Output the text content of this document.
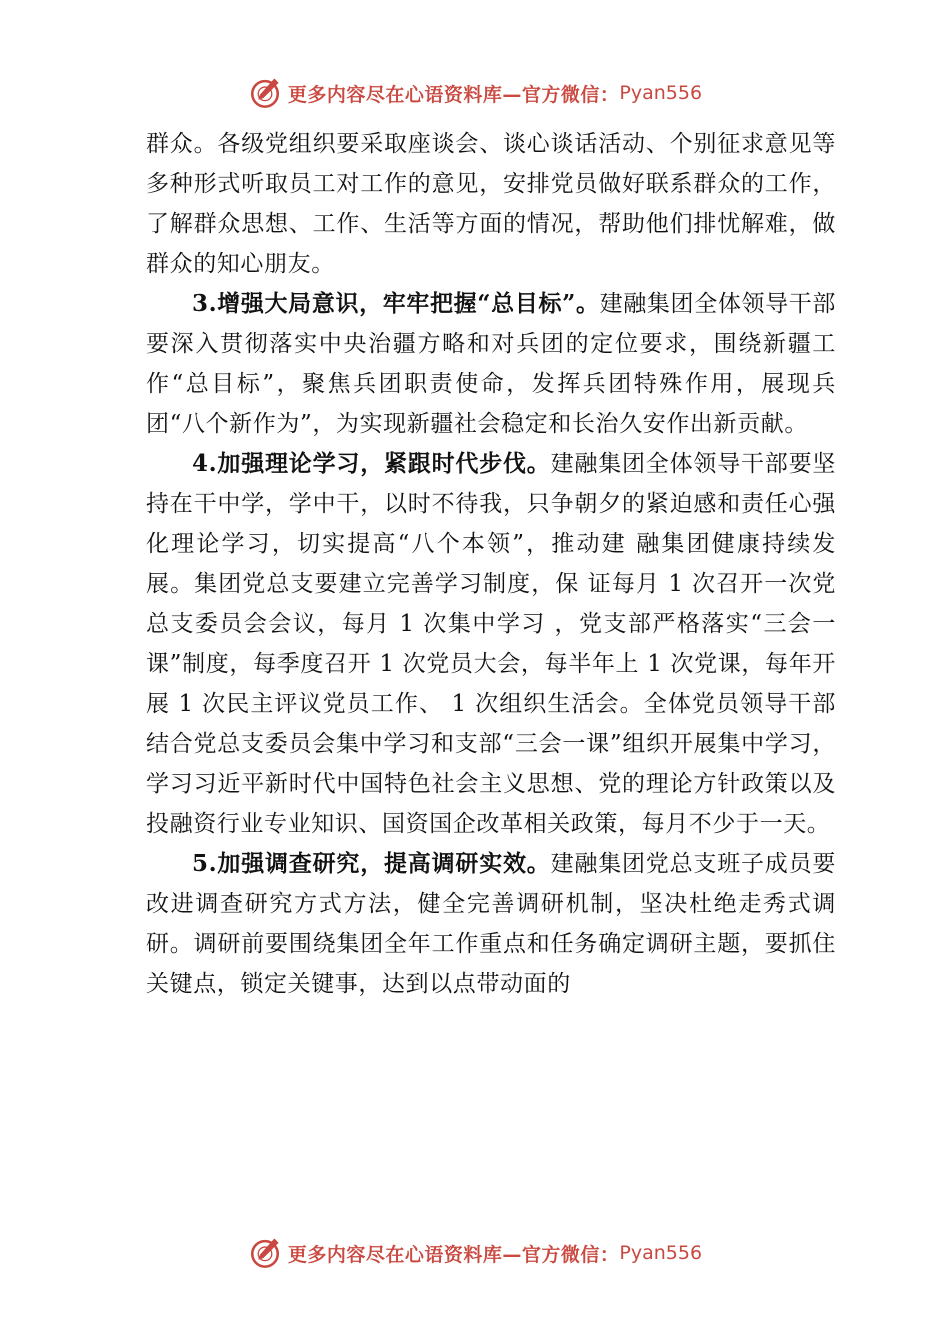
更多内容尽在心语资料库—官方微信： Pyan556

群众。各级党组织要采取座谈会、谈心谈话活动、个别征求意见等多种形式听取员工对工作的意见，安排党员做好联系群众的工作，了解群众思想、工作、生活等方面的情况，帮助他们排忧解难，做群众的知心朋友。

3.增强大局意识，牢牢把握“总目标”。建融集团全体领导干部要深入贯彻落实中央治疆方略和对兵团的定位要求，围绕新疆工作“总目标”，聚焦兵团职责使命，发挥兵团特殊作用，展现兵团“八个新作为”，为实现新疆社会稳定和长治久安作出新贡献。

4.加强理论学习，紧跟时代步伐。建融集团全体领导干部要坚持在干中学，学中干，以时不待我，只争朝夕的紧迫感和责任心强化理论学习，切实提高“八个本领”，推动建 融集团健康持续发展。集团党总支要建立完善学习制度，保 证每月 1 次召开一次党总支委员会会议，每月 1 次集中学习 ，党支部严格落实“三会一课”制度，每季度召开 1 次党员大会，每半年上 1 次党课，每年开展 1 次民主评议党员工作、 1 次组织生活会。全体党员领导干部结合党总支委员会集中学习和支部“三会一课”组织开展集中学习，学习习近平新时代中国特色社会主义思想、党的理论方针政策以及投融资行业专业知识、国资国企改革相关政策，每月不少于一天。

5.加强调查研究，提高调研实效。建融集团党总支班子成员要改进调查研究方式方法，健全完善调研机制，坚决杜绝走秀式调研。调研前要围绕集团全年工作重点和任务确定调研主题，要抓住关键点，锁定关键事，达到以点带动面的

更多内容尽在心语资料库—官方微信： Pyan556
